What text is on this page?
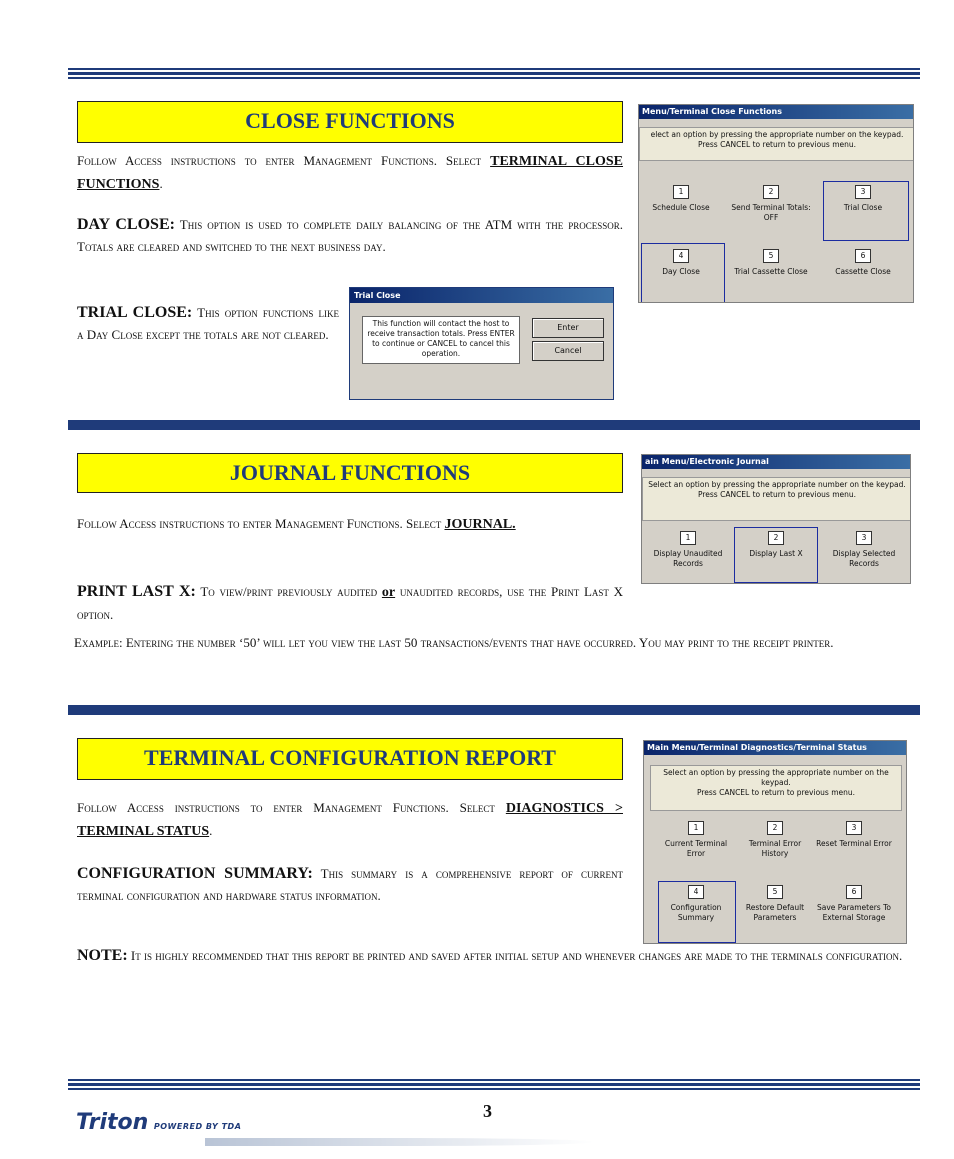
CLOSE FUNCTIONS
Follow Access instructions to enter Management Functions. Select TERMINAL CLOSE FUNCTIONS.
DAY CLOSE: This option is used to complete daily balancing of the ATM with the processor. Totals are cleared and switched to the next business day.
TRIAL CLOSE: This option functions like a Day Close except the totals are not cleared.
Trial Close
This function will contact the host to receive transaction totals. Press ENTER to continue or CANCEL to cancel this operation.
Enter
Cancel
Menu/Terminal Close Functions
elect an option by pressing the appropriate number on the keypad.
Press CANCEL to return to previous menu.
1
Schedule Close
2
Send Terminal Totals: OFF
3
Trial Close
4
Day Close
5
Trial Cassette Close
6
Cassette Close
JOURNAL FUNCTIONS
Follow Access instructions to enter Management Functions. Select JOURNAL.
PRINT LAST X: To view/print previously audited or unaudited records, use the Print Last X option.
Example: Entering the number ‘50’ will let you view the last 50 transactions/events that have occurred. You may print to the receipt printer.
ain Menu/Electronic Journal
Select an option by pressing the appropriate number on the keypad.
Press CANCEL to return to previous menu.
1
Display Unaudited Records
2
Display Last X
3
Display Selected Records
TERMINAL CONFIGURATION REPORT
Follow Access instructions to enter Management Functions. Select DIAGNOSTICS > TERMINAL STATUS.
CONFIGURATION SUMMARY: This summary is a comprehensive report of current terminal configuration and hardware status information.
NOTE: It is highly recommended that this report be printed and saved after initial setup and whenever changes are made to the terminals configuration.
Main Menu/Terminal Diagnostics/Terminal Status
Select an option by pressing the appropriate number on the keypad.
Press CANCEL to return to previous menu.
1
Current Terminal Error
2
Terminal Error History
3
Reset Terminal Error
4
Configuration Summary
5
Restore Default Parameters
6
Save Parameters To External Storage
Triton POWERED BY TDA
3
